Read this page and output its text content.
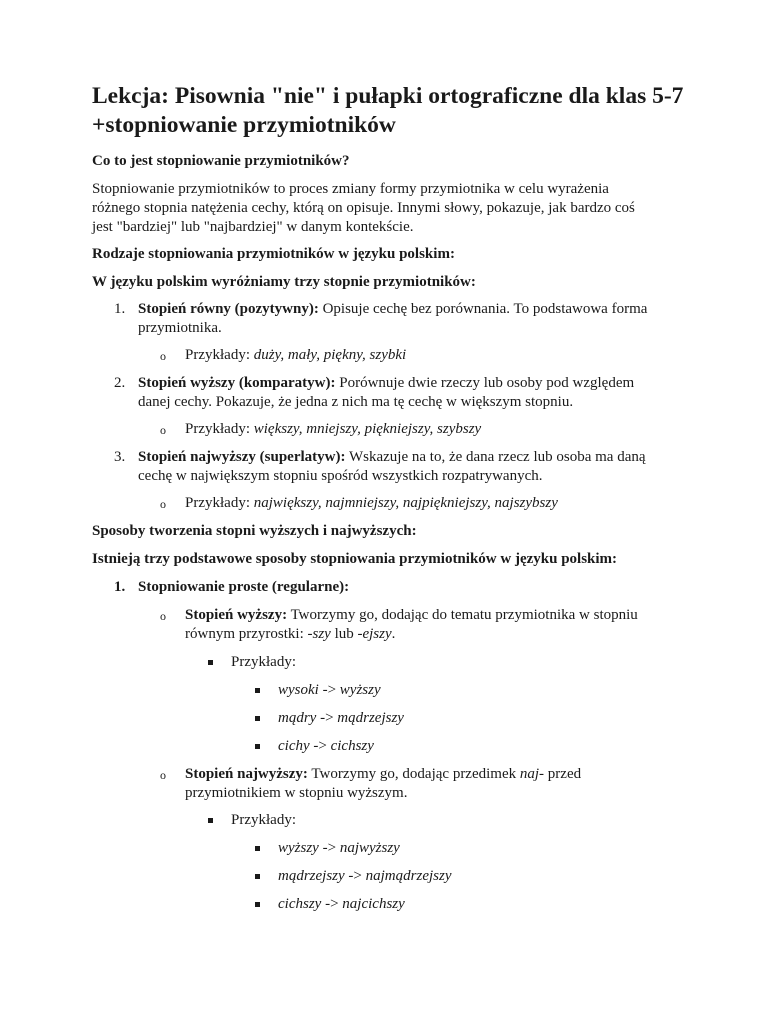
Lekcja: Pisownia "nie" i pułapki ortograficzne dla klas 5-7 +stopniowanie przymiotników

Co to jest stopniowanie przymiotników?

Stopniowanie przymiotników to proces zmiany formy przymiotnika w celu wyrażenia
różnego stopnia natężenia cechy, którą on opisuje. Innymi słowy, pokazuje, jak bardzo coś
jest "bardziej" lub "najbardziej" w danym kontekście.

Rodzaje stopniowania przymiotników w języku polskim:

W języku polskim wyróżniamy trzy stopnie przymiotników:

1. Stopień równy (pozytywny): Opisuje cechę bez porównania. To podstawowa forma
przymiotnika.
o Przykłady: duży, mały, piękny, szybki
2. Stopień wyższy (komparatyw): Porównuje dwie rzeczy lub osoby pod względem
danej cechy. Pokazuje, że jedna z nich ma tę cechę w większym stopniu.
o Przykłady: większy, mniejszy, piękniejszy, szybszy
3. Stopień najwyższy (superlatyw): Wskazuje na to, że dana rzecz lub osoba ma daną
cechę w największym stopniu spośród wszystkich rozpatrywanych.
o Przykłady: największy, najmniejszy, najpiękniejszy, najszybszy

Sposoby tworzenia stopni wyższych i najwyższych:

Istnieją trzy podstawowe sposoby stopniowania przymiotników w języku polskim:

1. Stopniowanie proste (regularne):
o Stopień wyższy: Tworzymy go, dodając do tematu przymiotnika w stopniu
równym przyrostki: -szy lub -ejszy.
Przykłady:
wysoki -> wyższy
mądry -> mądrzejszy
cichy -> cichszy
o Stopień najwyższy: Tworzymy go, dodając przedimek naj- przed
przymiotnikiem w stopniu wyższym.
Przykłady:
wyższy -> najwyższy
mądrzejszy -> najmądrzejszy
cichszy -> najcichszy
